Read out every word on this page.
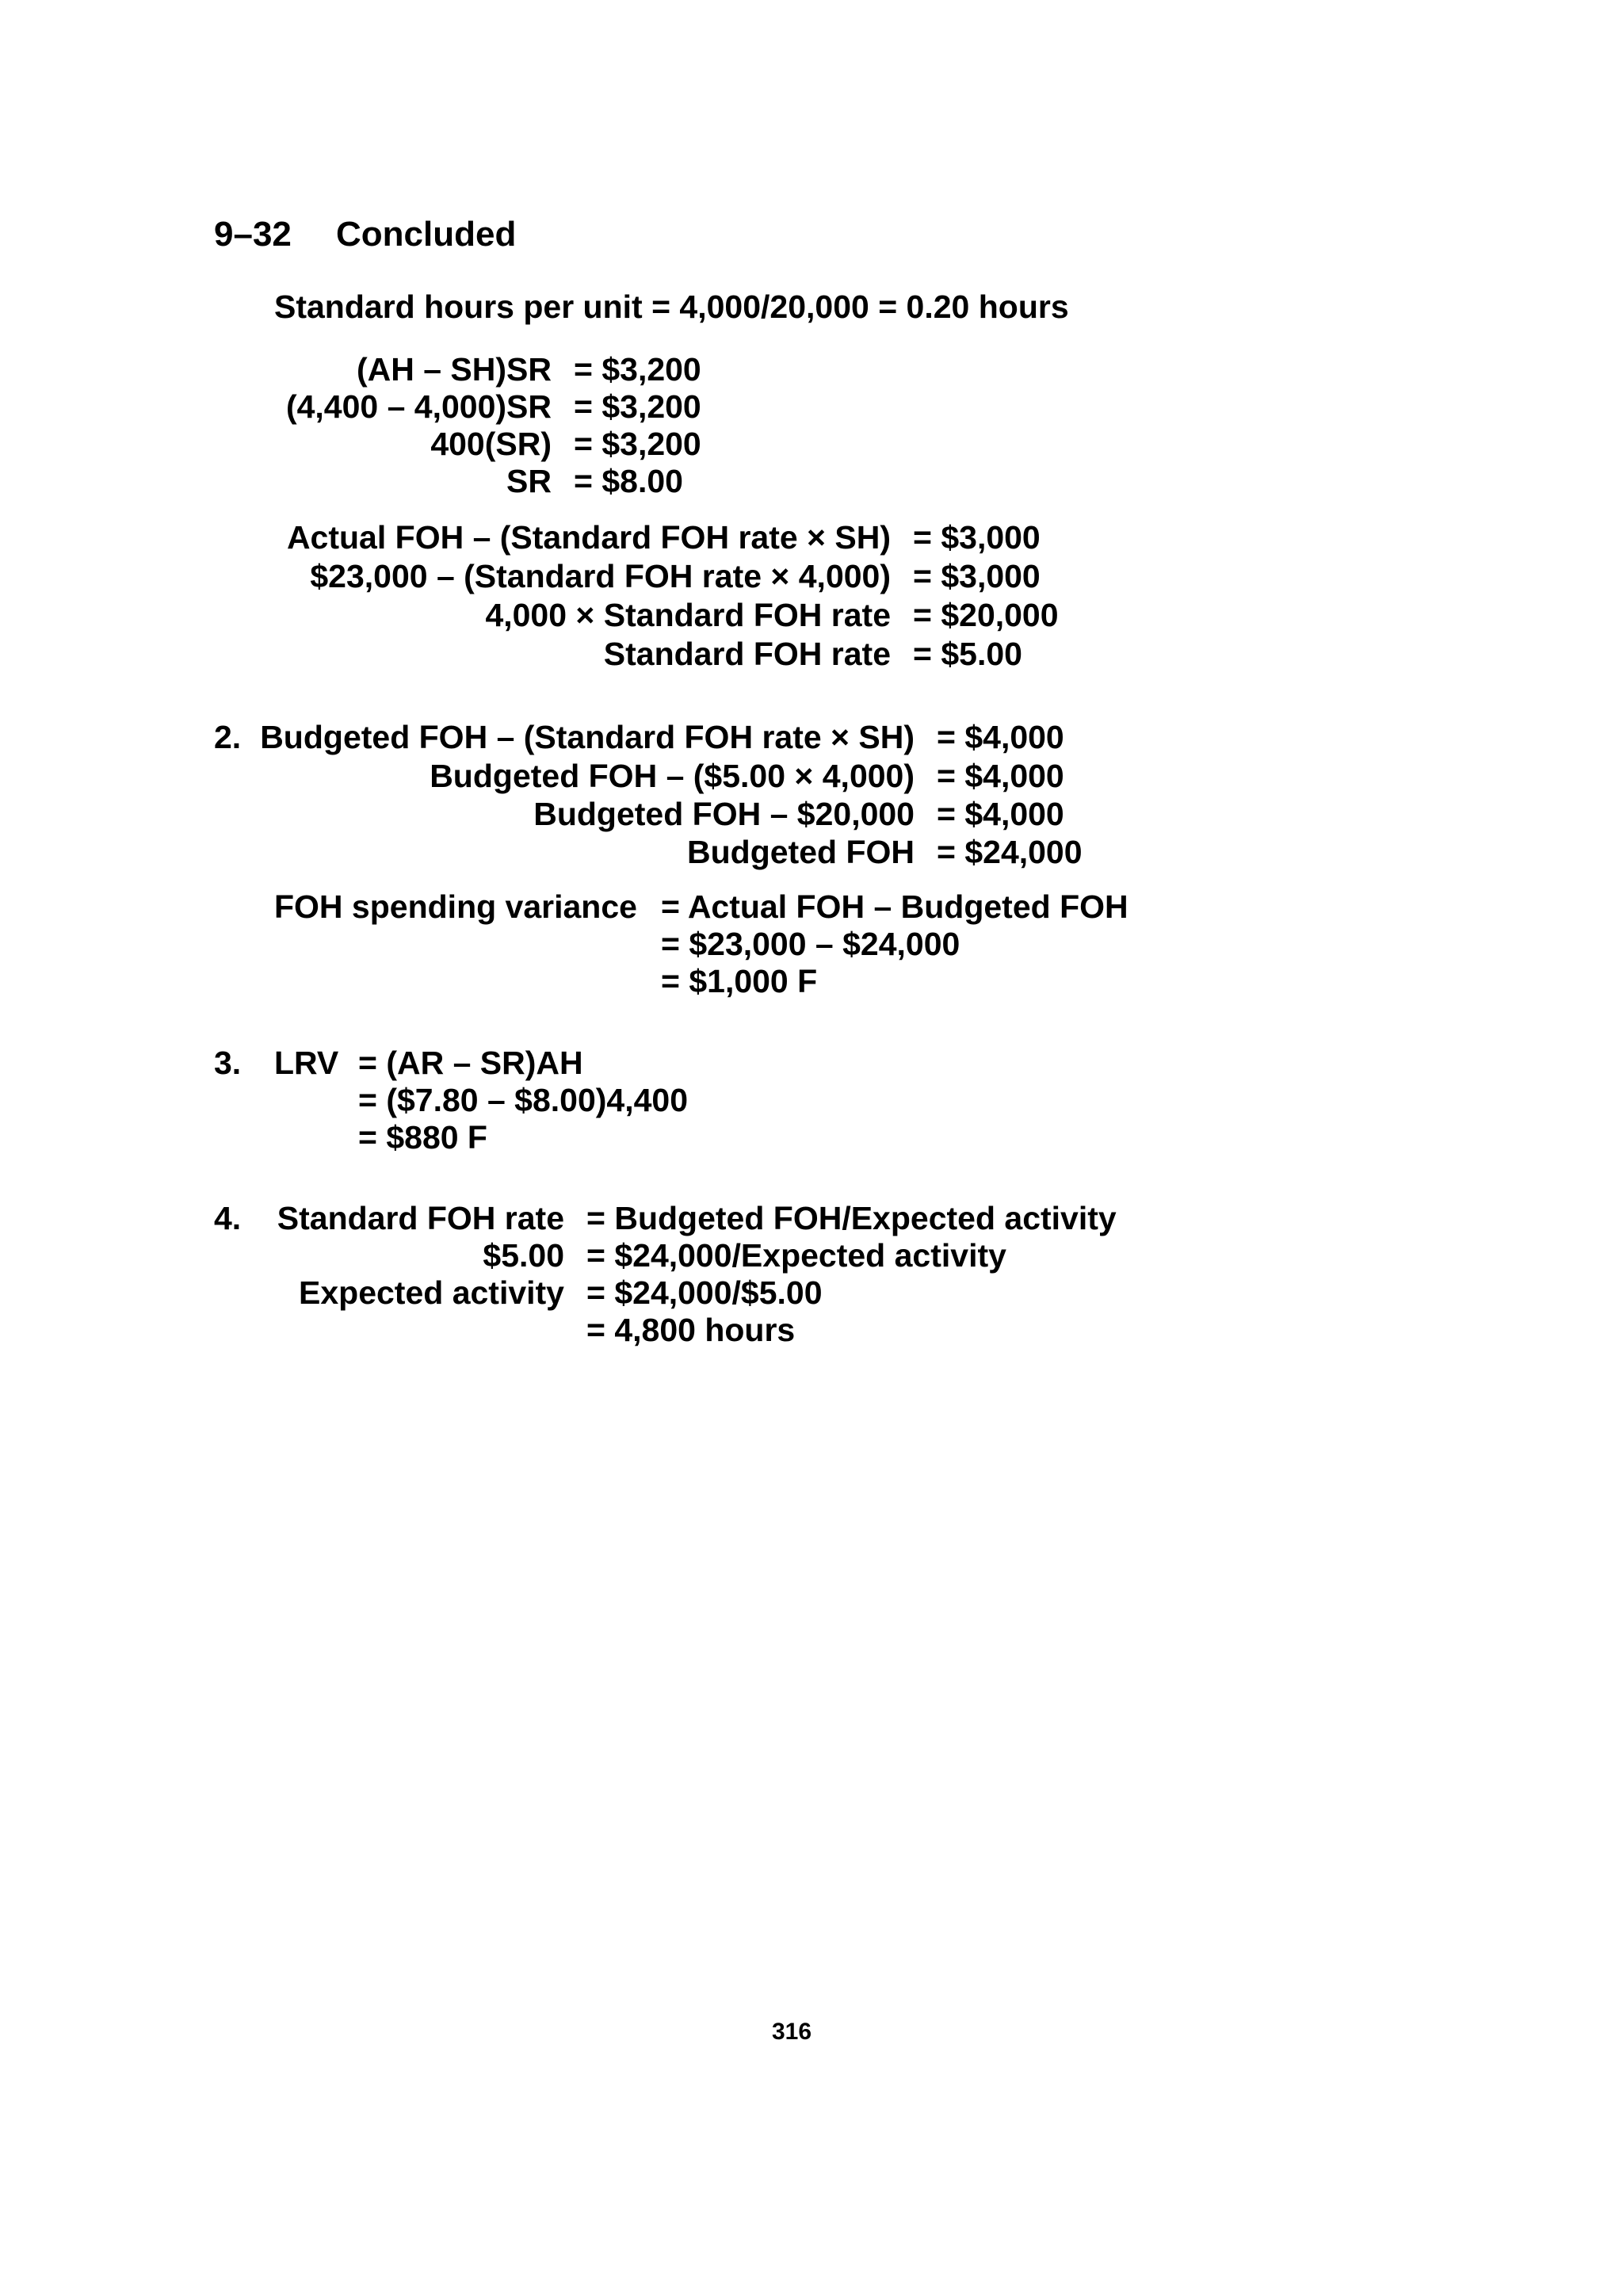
9–32 Concluded
Standard hours per unit = 4,000/20,000 = 0.20 hours
(AH – SH)SR = $3,200
(4,400 – 4,000)SR = $3,200
400(SR) = $3,200
SR = $8.00
Actual FOH – (Standard FOH rate × SH) = $3,000
$23,000 – (Standard FOH rate × 4,000) = $3,000
4,000 × Standard FOH rate = $20,000
Standard FOH rate = $5.00
2. Budgeted FOH – (Standard FOH rate × SH) = $4,000
Budgeted FOH – ($5.00 × 4,000) = $4,000
Budgeted FOH – $20,000 = $4,000
Budgeted FOH = $24,000
FOH spending variance = Actual FOH – Budgeted FOH
= $23,000 – $24,000
= $1,000 F
3. LRV = (AR – SR)AH
= ($7.80 – $8.00)4,400
= $880 F
4. Standard FOH rate = Budgeted FOH/Expected activity
$5.00 = $24,000/Expected activity
Expected activity = $24,000/$5.00
= 4,800 hours
316
